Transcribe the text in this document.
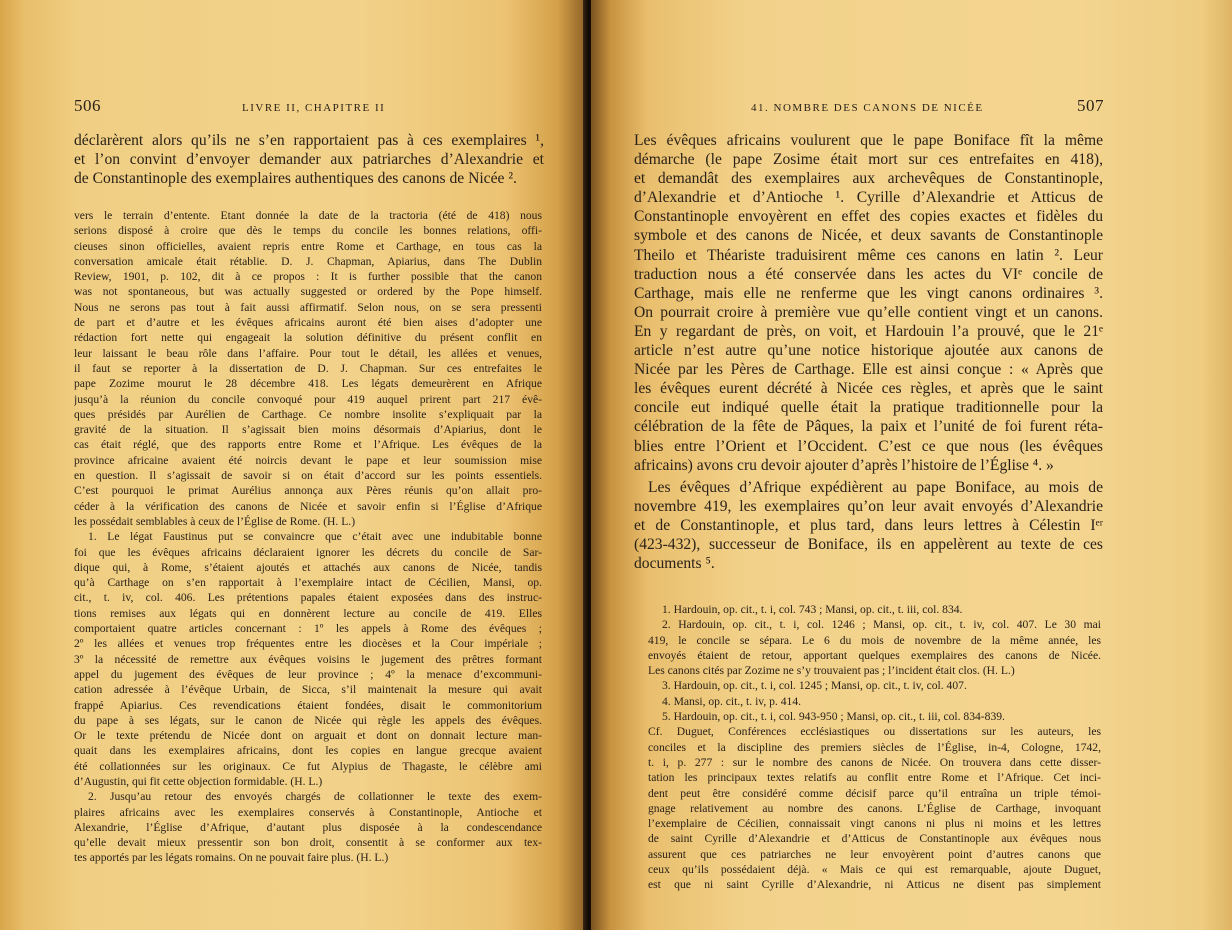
506	LIVRE II, CHAPITRE II
déclarèrent alors qu’ils ne s’en rapportaient pas à ces exemplaires ¹,
et l’on convint d’envoyer demander aux patriarches d’Alexandrie et
de Constantinople des exemplaires authentiques des canons de Nicée ².
vers le terrain d’entente. Etant donnée la date de la tractoria (été de 418) nous
serions disposé à croire que dès le temps du concile les bonnes relations, offi-
cieuses sinon officielles, avaient repris entre Rome et Carthage, en tous cas la
conversation amicale était rétablie. D. J. Chapman, Apiarius, dans The Dublin
Review, 1901, p. 102, dit à ce propos : It is further possible that the canon
was not spontaneous, but was actually suggested or ordered by the Pope himself.
Nous ne serons pas tout à fait aussi affirmatif. Selon nous, on se sera pressenti
de part et d’autre et les évêques africains auront été bien aises d’adopter une
rédaction fort nette qui engageait la solution définitive du présent conflit en
leur laissant le beau rôle dans l’affaire. Pour tout le détail, les allées et venues,
il faut se reporter à la dissertation de D. J. Chapman. Sur ces entrefaites le
pape Zozime mourut le 28 décembre 418. Les légats demeurèrent en Afrique
jusqu’à la réunion du concile convoqué pour 419 auquel prirent part 217 évê-
ques présidés par Aurélien de Carthage. Ce nombre insolite s’expliquait par la
gravité de la situation. Il s’agissait bien moins désormais d’Apiarius, dont le
cas était réglé, que des rapports entre Rome et l’Afrique. Les évêques de la
province africaine avaient été noircis devant le pape et leur soumission mise
en question. Il s’agissait de savoir si on était d’accord sur les points essentiels.
C’est pourquoi le primat Aurélius annonça aux Pères réunis qu’on allait pro-
céder à la vérification des canons de Nicée et savoir enfin si l’Église d’Afrique
les possédait semblables à ceux de l’Église de Rome. (H. L.)
1. Le légat Faustinus put se convaincre que c’était avec une indubitable bonne
foi que les évêques africains déclaraient ignorer les décrets du concile de Sar-
dique qui, à Rome, s’étaient ajoutés et attachés aux canons de Nicée, tandis
qu’à Carthage on s’en rapportait à l’exemplaire intact de Cécilien, Mansi, op.
cit., t. iv, col. 406. Les prétentions papales étaient exposées dans des instruc-
tions remises aux légats qui en donnèrent lecture au concile de 419. Elles
comportaient quatre articles concernant : 1º les appels à Rome des évêques ;
2º les allées et venues trop fréquentes entre les diocèses et la Cour impériale ;
3º la nécessité de remettre aux évêques voisins le jugement des prêtres formant
appel du jugement des évêques de leur province ; 4º la menace d’excommuni-
cation adressée à l’évêque Urbain, de Sicca, s’il maintenait la mesure qui avait
frappé Apiarius. Ces revendications étaient fondées, disait le commonitorium
du pape à ses légats, sur le canon de Nicée qui règle les appels des évêques.
Or le texte prétendu de Nicée dont on arguait et dont on donnait lecture man-
quait dans les exemplaires africains, dont les copies en langue grecque avaient
été collationnées sur les originaux. Ce fut Alypius de Thagaste, le célèbre ami
d’Augustin, qui fit cette objection formidable. (H. L.)
2. Jusqu’au retour des envoyés chargés de collationner le texte des exem-
plaires africains avec les exemplaires conservés à Constantinople, Antioche et
Alexandrie, l’Église d’Afrique, d’autant plus disposée à la condescendance
qu’elle devait mieux pressentir son bon droit, consentit à se conformer aux tex-
tes apportés par les légats romains. On ne pouvait faire plus. (H. L.)
41. NOMBRE DES CANONS DE NICÉE	507
Les évêques africains voulurent que le pape Boniface fît la même
démarche (le pape Zosime était mort sur ces entrefaites en 418),
et demandât des exemplaires aux archevêques de Constantinople,
d’Alexandrie et d’Antioche ¹. Cyrille d’Alexandrie et Atticus de
Constantinople envoyèrent en effet des copies exactes et fidèles du
symbole et des canons de Nicée, et deux savants de Constantinople
Theilo et Théariste traduisirent même ces canons en latin ². Leur
traduction nous a été conservée dans les actes du VIᵉ concile de
Carthage, mais elle ne renferme que les vingt canons ordinaires ³.
On pourrait croire à première vue qu’elle contient vingt et un canons.
En y regardant de près, on voit, et Hardouin l’a prouvé, que le 21ᵉ
article n’est autre qu’une notice historique ajoutée aux canons de
Nicée par les Pères de Carthage. Elle est ainsi conçue : « Après que
les évêques eurent décrété à Nicée ces règles, et après que le saint
concile eut indiqué quelle était la pratique traditionnelle pour la
célébration de la fête de Pâques, la paix et l’unité de foi furent réta-
blies entre l’Orient et l’Occident. C’est ce que nous (les évêques
africains) avons cru devoir ajouter d’après l’histoire de l’Église ⁴. »
Les évêques d’Afrique expédièrent au pape Boniface, au mois de
novembre 419, les exemplaires qu’on leur avait envoyés d’Alexandrie
et de Constantinople, et plus tard, dans leurs lettres à Célestin Iᵉʳ
(423-432), successeur de Boniface, ils en appelèrent au texte de ces
documents ⁵.
1. Hardouin, op. cit., t. i, col. 743 ; Mansi, op. cit., t. iii, col. 834.
2. Hardouin, op. cit., t. i, col. 1246 ; Mansi, op. cit., t. iv, col. 407. Le 30 mai
419, le concile se sépara. Le 6 du mois de novembre de la même année, les
envoyés étaient de retour, apportant quelques exemplaires des canons de Nicée.
Les canons cités par Zozime ne s’y trouvaient pas ; l’incident était clos. (H. L.)
3. Hardouin, op. cit., t. i, col. 1245 ; Mansi, op. cit., t. iv, col. 407.
4. Mansi, op. cit., t. iv, p. 414.
5. Hardouin, op. cit., t. i, col. 943-950 ; Mansi, op. cit., t. iii, col. 834-839.
Cf. Duguet, Conférences ecclésiastiques ou dissertations sur les auteurs, les
conciles et la discipline des premiers siècles de l’Église, in-4, Cologne, 1742,
t. i, p. 277 : sur le nombre des canons de Nicée. On trouvera dans cette disser-
tation les principaux textes relatifs au conflit entre Rome et l’Afrique. Cet inci-
dent peut être considéré comme décisif parce qu’il entraîna un triple témoi-
gnage relativement au nombre des canons. L’Église de Carthage, invoquant
l’exemplaire de Cécilien, connaissait vingt canons ni plus ni moins et les lettres
de saint Cyrille d’Alexandrie et d’Atticus de Constantinople aux évêques nous
assurent que ces patriarches ne leur envoyèrent point d’autres canons que
ceux qu’ils possédaient déjà. « Mais ce qui est remarquable, ajoute Duguet,
est que ni saint Cyrille d’Alexandrie, ni Atticus ne disent pas simplement
